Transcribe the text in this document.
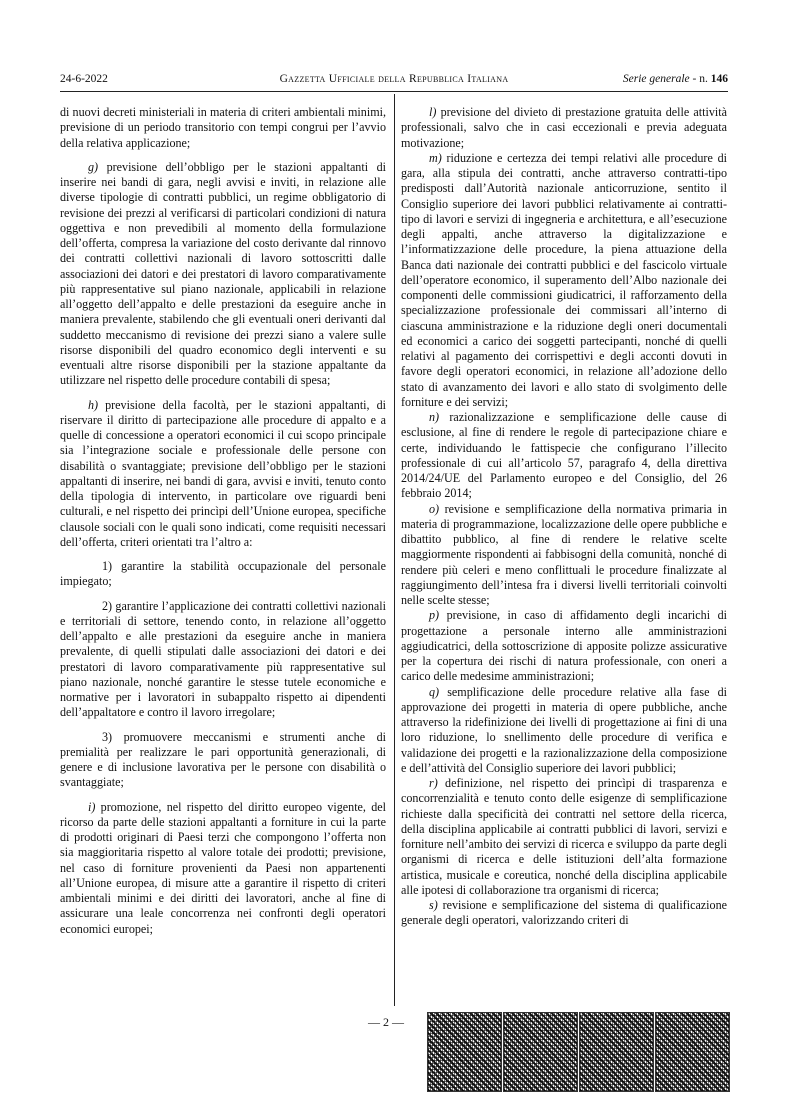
24-6-2022	Gazzetta Ufficiale della Repubblica Italiana	Serie generale - n. 146

di nuovi decreti ministeriali in materia di criteri ambientali minimi, previsione di un periodo transitorio con tempi congrui per l’avvio della relativa applicazione;

g) previsione dell’obbligo per le stazioni appaltanti di inserire nei bandi di gara, negli avvisi e inviti, in relazione alle diverse tipologie di contratti pubblici, un regime obbligatorio di revisione dei prezzi al verificarsi di particolari condizioni di natura oggettiva e non prevedibili al momento della formulazione dell’offerta, compresa la variazione del costo derivante dal rinnovo dei contratti collettivi nazionali di lavoro sottoscritti dalle associazioni dei datori e dei prestatori di lavoro comparativamente più rappresentative sul piano nazionale, applicabili in relazione all’oggetto dell’appalto e delle prestazioni da eseguire anche in maniera prevalente, stabilendo che gli eventuali oneri derivanti dal suddetto meccanismo di revisione dei prezzi siano a valere sulle risorse disponibili del quadro economico degli interventi e su eventuali altre risorse disponibili per la stazione appaltante da utilizzare nel rispetto delle procedure contabili di spesa;

h) previsione della facoltà, per le stazioni appaltanti, di riservare il diritto di partecipazione alle procedure di appalto e a quelle di concessione a operatori economici il cui scopo principale sia l’integrazione sociale e professionale delle persone con disabilità o svantaggiate; previsione dell’obbligo per le stazioni appaltanti di inserire, nei bandi di gara, avvisi e inviti, tenuto conto della tipologia di intervento, in particolare ove riguardi beni culturali, e nel rispetto dei princìpi dell’Unione europea, specifiche clausole sociali con le quali sono indicati, come requisiti necessari dell’offerta, criteri orientati tra l’altro a:

1) garantire la stabilità occupazionale del personale impiegato;

2) garantire l’applicazione dei contratti collettivi nazionali e territoriali di settore, tenendo conto, in relazione all’oggetto dell’appalto e alle prestazioni da eseguire anche in maniera prevalente, di quelli stipulati dalle associazioni dei datori e dei prestatori di lavoro comparativamente più rappresentative sul piano nazionale, nonché garantire le stesse tutele economiche e normative per i lavoratori in subappalto rispetto ai dipendenti dell’appaltatore e contro il lavoro irregolare;

3) promuovere meccanismi e strumenti anche di premialità per realizzare le pari opportunità generazionali, di genere e di inclusione lavorativa per le persone con disabilità o svantaggiate;

i) promozione, nel rispetto del diritto europeo vigente, del ricorso da parte delle stazioni appaltanti a forniture in cui la parte di prodotti originari di Paesi terzi che compongono l’offerta non sia maggioritaria rispetto al valore totale dei prodotti; previsione, nel caso di forniture provenienti da Paesi non appartenenti all’Unione europea, di misure atte a garantire il rispetto di criteri ambientali minimi e dei diritti dei lavoratori, anche al fine di assicurare una leale concorrenza nei confronti degli operatori economici europei;

l) previsione del divieto di prestazione gratuita delle attività professionali, salvo che in casi eccezionali e previa adeguata motivazione;

m) riduzione e certezza dei tempi relativi alle procedure di gara, alla stipula dei contratti, anche attraverso contratti-tipo predisposti dall’Autorità nazionale anticorruzione, sentito il Consiglio superiore dei lavori pubblici relativamente ai contratti-tipo di lavori e servizi di ingegneria e architettura, e all’esecuzione degli appalti, anche attraverso la digitalizzazione e l’informatizzazione delle procedure, la piena attuazione della Banca dati nazionale dei contratti pubblici e del fascicolo virtuale dell’operatore economico, il superamento dell’Albo nazionale dei componenti delle commissioni giudicatrici, il rafforzamento della specializzazione professionale dei commissari all’interno di ciascuna amministrazione e la riduzione degli oneri documentali ed economici a carico dei soggetti partecipanti, nonché di quelli relativi al pagamento dei corrispettivi e degli acconti dovuti in favore degli operatori economici, in relazione all’adozione dello stato di avanzamento dei lavori e allo stato di svolgimento delle forniture e dei servizi;

n) razionalizzazione e semplificazione delle cause di esclusione, al fine di rendere le regole di partecipazione chiare e certe, individuando le fattispecie che configurano l’illecito professionale di cui all’articolo 57, paragrafo 4, della direttiva 2014/24/UE del Parlamento europeo e del Consiglio, del 26 febbraio 2014;

o) revisione e semplificazione della normativa primaria in materia di programmazione, localizzazione delle opere pubbliche e dibattito pubblico, al fine di rendere le relative scelte maggiormente rispondenti ai fabbisogni della comunità, nonché di rendere più celeri e meno conflittuali le procedure finalizzate al raggiungimento dell’intesa fra i diversi livelli territoriali coinvolti nelle scelte stesse;

p) previsione, in caso di affidamento degli incarichi di progettazione a personale interno alle amministrazioni aggiudicatrici, della sottoscrizione di apposite polizze assicurative per la copertura dei rischi di natura professionale, con oneri a carico delle medesime amministrazioni;

q) semplificazione delle procedure relative alla fase di approvazione dei progetti in materia di opere pubbliche, anche attraverso la ridefinizione dei livelli di progettazione ai fini di una loro riduzione, lo snellimento delle procedure di verifica e validazione dei progetti e la razionalizzazione della composizione e dell’attività del Consiglio superiore dei lavori pubblici;

r) definizione, nel rispetto dei princìpi di trasparenza e concorrenzialità e tenuto conto delle esigenze di semplificazione richieste dalla specificità dei contratti nel settore della ricerca, della disciplina applicabile ai contratti pubblici di lavori, servizi e forniture nell’ambito dei servizi di ricerca e sviluppo da parte degli organismi di ricerca e delle istituzioni dell’alta formazione artistica, musicale e coreutica, nonché della disciplina applicabile alle ipotesi di collaborazione tra organismi di ricerca;

s) revisione e semplificazione del sistema di qualificazione generale degli operatori, valorizzando criteri di

— 2 —
